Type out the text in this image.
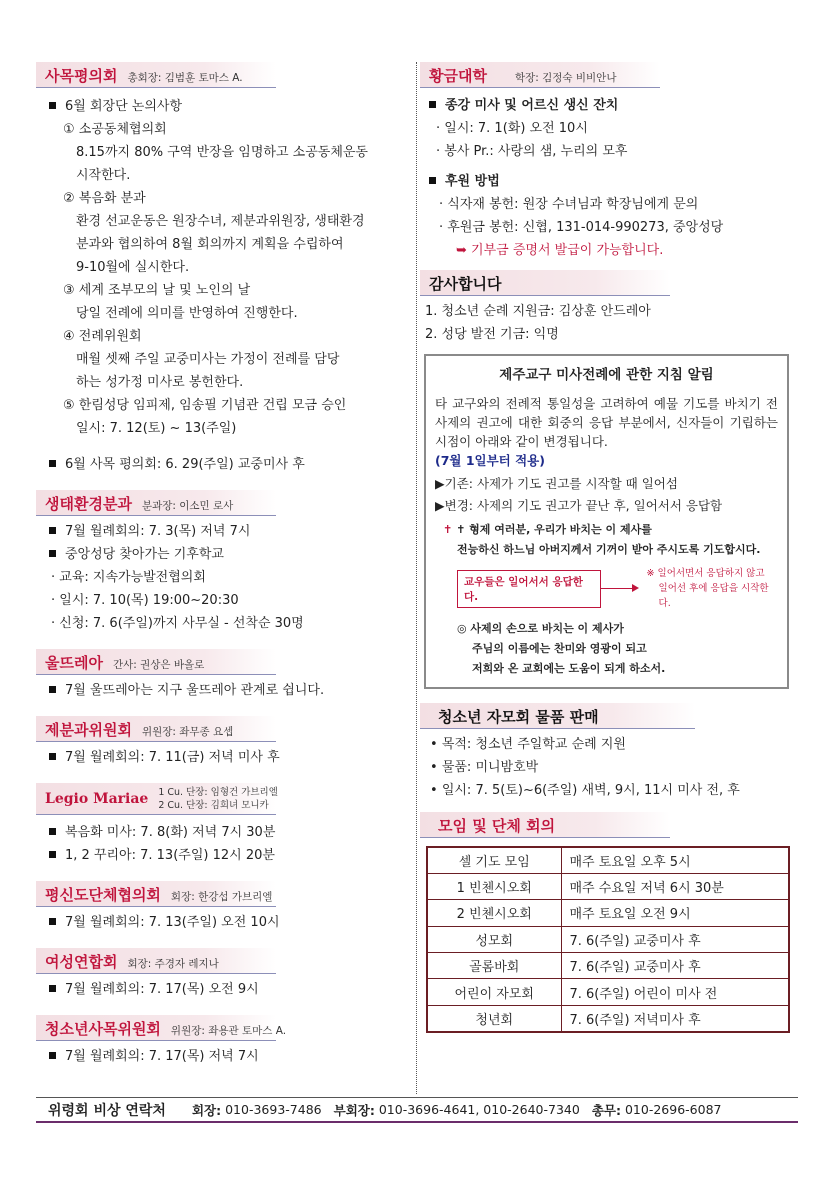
사목평의회 총회장: 김범훈 토마스 A.
6월 회장단 논의사항
① 소공동체협의회
8.15까지 80% 구역 반장을 임명하고 소공동체운동
시작한다.
② 복음화 분과
환경 선교운동은 원장수녀, 제분과위원장, 생태환경
분과와 협의하여 8월 회의까지 계획을 수립하여
9-10월에 실시한다.
③ 세계 조부모의 날 및 노인의 날
당일 전례에 의미를 반영하여 진행한다.
④ 전례위원회
매월 셋째 주일 교중미사는 가정이 전례를 담당
하는 성가정 미사로 봉헌한다.
⑤ 한림성당 임피제, 임송필 기념관 건립 모금 승인
일시: 7. 12(토) ~ 13(주일)
6월 사목 평의회: 6. 29(주일) 교중미사 후
생태환경분과 분과장: 이소민 로사
7월 월례회의: 7. 3(목) 저녁 7시
중앙성당 찾아가는 기후학교
· 교육: 지속가능발전협의회
· 일시: 7. 10(목) 19:00~20:30
· 신청: 7. 6(주일)까지 사무실 - 선착순 30명
울뜨레아 간사: 권상은 바올로
7월 울뜨레아는 지구 울뜨레아 관계로 쉽니다.
제분과위원회 위원장: 좌무종 요셉
7월 월례회의: 7. 11(금) 저녁 미사 후
Legio Mariae 1 Cu. 단장: 임형건 가브리엘
2 Cu. 단장: 김희녀 모니카
복음화 미사: 7. 8(화) 저녁 7시 30분
1, 2 꾸리아: 7. 13(주일) 12시 20분
평신도단체협의회 회장: 한강섭 가브리엘
7월 월례회의: 7. 13(주일) 오전 10시
여성연합회 회장: 주경자 레지나
7월 월례회의: 7. 17(목) 오전 9시
청소년사목위원회 위원장: 좌용관 토마스 A.
7월 월례회의: 7. 17(목) 저녁 7시
황금대학	학장: 김정숙 비비안나
종강 미사 및 어르신 생신 잔치
· 일시: 7. 1(화) 오전 10시
· 봉사 Pr.: 사랑의 샘, 누리의 모후
후원 방법
· 식자재 봉헌: 원장 수녀님과 학장님에게 문의
· 후원금 봉헌: 신협, 131-014-990273, 중앙성당
➥ 기부금 증명서 발급이 가능합니다.
감사합니다
1. 청소년 순례 지원금: 김상훈 안드레아
2. 성당 발전 기금: 익명
제주교구 미사전례에 관한 지침 알림
타 교구와의 전례적 통일성을 고려하여 예물 기도를 바치기 전 사제의 권고에 대한 회중의 응답 부분에서, 신자들이 기립하는 시점이 아래와 같이 변경됩니다.
(7월 1일부터 적용)
▶기존: 사제가 기도 권고를 시작할 때 일어섬
▶변경: 사제의 기도 권고가 끝난 후, 일어서서 응답함
✝ ✝ 형제 여러분, 우리가 바치는 이 제사를
전능하신 하느님 아버지께서 기꺼이 받아 주시도록 기도합시다.
교우들은 일어서서 응답한다.
※ 일어서면서 응답하지 않고
일어선 후에 응답을 시작한다.
◎ 사제의 손으로 바치는 이 제사가
주님의 이름에는 찬미와 영광이 되고
저희와 온 교회에는 도움이 되게 하소서.
청소년 자모회 물품 판매
• 목적: 청소년 주일학교 순례 지원
• 물품: 미니밤호박
• 일시: 7. 5(토)~6(주일) 새벽, 9시, 11시 미사 전, 후
모임 및 단체 회의
셀 기도 모임	매주 토요일 오후 5시
1 빈첸시오회	매주 수요일 저녁 6시 30분
2 빈첸시오회	매주 토요일 오전 9시
성모회	7. 6(주일) 교중미사 후
골롬바회	7. 6(주일) 교중미사 후
어린이 자모회	7. 6(주일) 어린이 미사 전
청년회	7. 6(주일) 저녁미사 후
위령회 비상 연락처 회장: 010-3693-7486 부회장: 010-3696-4641, 010-2640-7340 총무: 010-2696-6087
